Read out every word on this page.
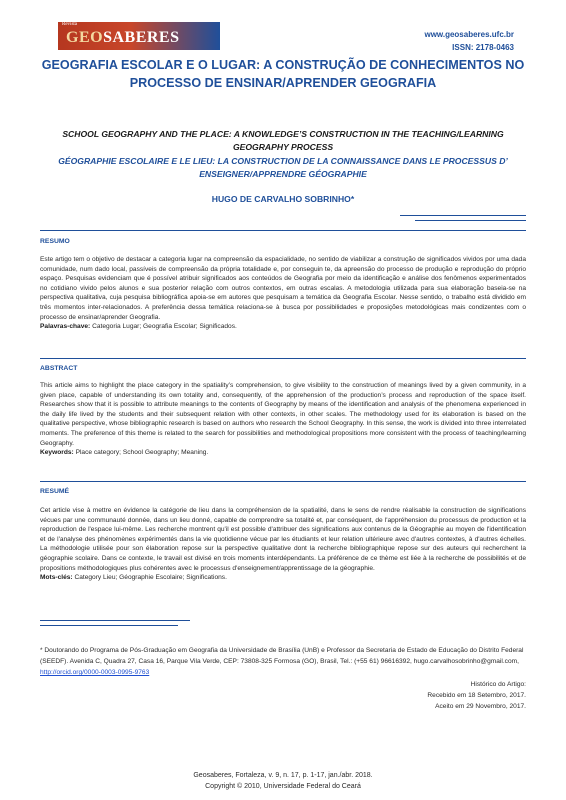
GEOSABERES
Revista
www.geosaberes.ufc.br
ISSN: 2178-0463
GEOGRAFIA ESCOLAR E O LUGAR: A CONSTRUÇÃO DE CONHECIMENTOS NO PROCESSO DE ENSINAR/APRENDER GEOGRAFIA
SCHOOL GEOGRAPHY AND THE PLACE: A KNOWLEDGE’S CONSTRUCTION IN THE TEACHING/LEARNING GEOGRAPHY PROCESS
GÉOGRAPHIE ESCOLAIRE E LE LIEU: LA CONSTRUCTION DE LA CONNAISSANCE DANS LE PROCESSUS D’ ENSEIGNER/APPRENDRE GÉOGRAPHIE
HUGO DE CARVALHO SOBRINHO*
RESUMO
Este artigo tem o objetivo de destacar a categoria lugar na compreensão da espacialidade, no sentido de viabilizar a construção de significados vividos por uma dada comunidade, num dado local, passíveis de compreensão da própria totalidade e, por conseguin te, da apreensão do processo de produção e reprodução do próprio espaço. Pesquisas evidenciam que é possível atribuir significados aos conteúdos de Geografia por meio da identificação e análise dos fenômenos experimentados no cotidiano vivido pelos alunos e sua posterior relação com outros contextos, em outras escalas. A metodologia utilizada para sua elaboração baseia-se na perspectiva qualitativa, cuja pesquisa bibliográfica apoia-se em autores que pesquisam a temática da Geografia Escolar. Nesse sentido, o trabalho está dividido em três momentos inter-relacionados. A preferência dessa temática relaciona-se à busca por possibilidades e proposições metodológicas mais condizentes com o processo de ensinar/aprender Geografia.
Palavras-chave: Categoria Lugar; Geografia Escolar; Significados.
ABSTRACT
This article aims to highlight the place category in the spatiality’s comprehension, to give visibility to the construction of meanings lived by a given community, in a given place, capable of understanding its own totality and, consequently, of the apprehension of the production’s process and reproduction of the space itself. Researches show that it is possible to attribute meanings to the contents of Geography by means of the identification and analysis of the phenomena experienced in the daily life lived by the students and their subsequent relation with other contexts, in other scales. The methodology used for its elaboration is based on the qualitative perspective, whose bibliographic research is based on authors who research the School Geography. In this sense, the work is divided into three interrelated moments. The preference of this theme is related to the search for possibilities and methodological propositions more consistent with the process of teaching/learning Geography.
Keywords: Place category; School Geography; Meaning.
RESUMÉ
Cet article vise à mettre en évidence la catégorie de lieu dans la compréhension de la spatialité, dans le sens de rendre réalisable la construction de significations vécues par une communauté donnée, dans un lieu donné, capable de comprendre sa totalité et, par conséquent, de l'appréhension du processus de production et la reproduction de l'espace lui-même. Les recherche montrent qu'il est possible d'attribuer des significations aux contenus de la Géographie au moyen de l'identification et de l'analyse des phénomènes expérimentés dans la vie quotidienne vécue par les étudiants et leur relation ultérieure avec d'autres contextes, à d'autres échelles. La méthodologie utilisée pour son élaboration repose sur la perspective qualitative dont la recherche bibliographique repose sur des auteurs qui recherchent la géographie scolaire. Dans ce contexte, le travail est divisé en trois moments interdépendants. La préférence de ce thème est liée à la recherche de possibilités et de propositions méthodologiques plus cohérentes avec le processus d'enseignement/apprentissage de la géographie.
Mots-clés: Category Lieu; Géographie Escolaire; Significations.
* Doutorando do Programa de Pós-Graduação em Geografia da Universidade de Brasília (UnB) e Professor da Secretaria de Estado de Educação do Distrito Federal (SEEDF). Avenida C, Quadra 27, Casa 16, Parque Vila Verde, CEP: 73808-325 Formosa (GO), Brasil, Tel.: (+55 61) 96616392, hugo.carvalhosobrinho@gmail.com, http://orcid.org/0000-0003-0995-9763
Histórico do Artigo:
Recebido em 18 Setembro, 2017.
Aceito em 29 Novembro, 2017.
Geosaberes, Fortaleza, v. 9, n. 17, p. 1-17, jan./abr. 2018.
Copyright © 2010, Universidade Federal do Ceará
